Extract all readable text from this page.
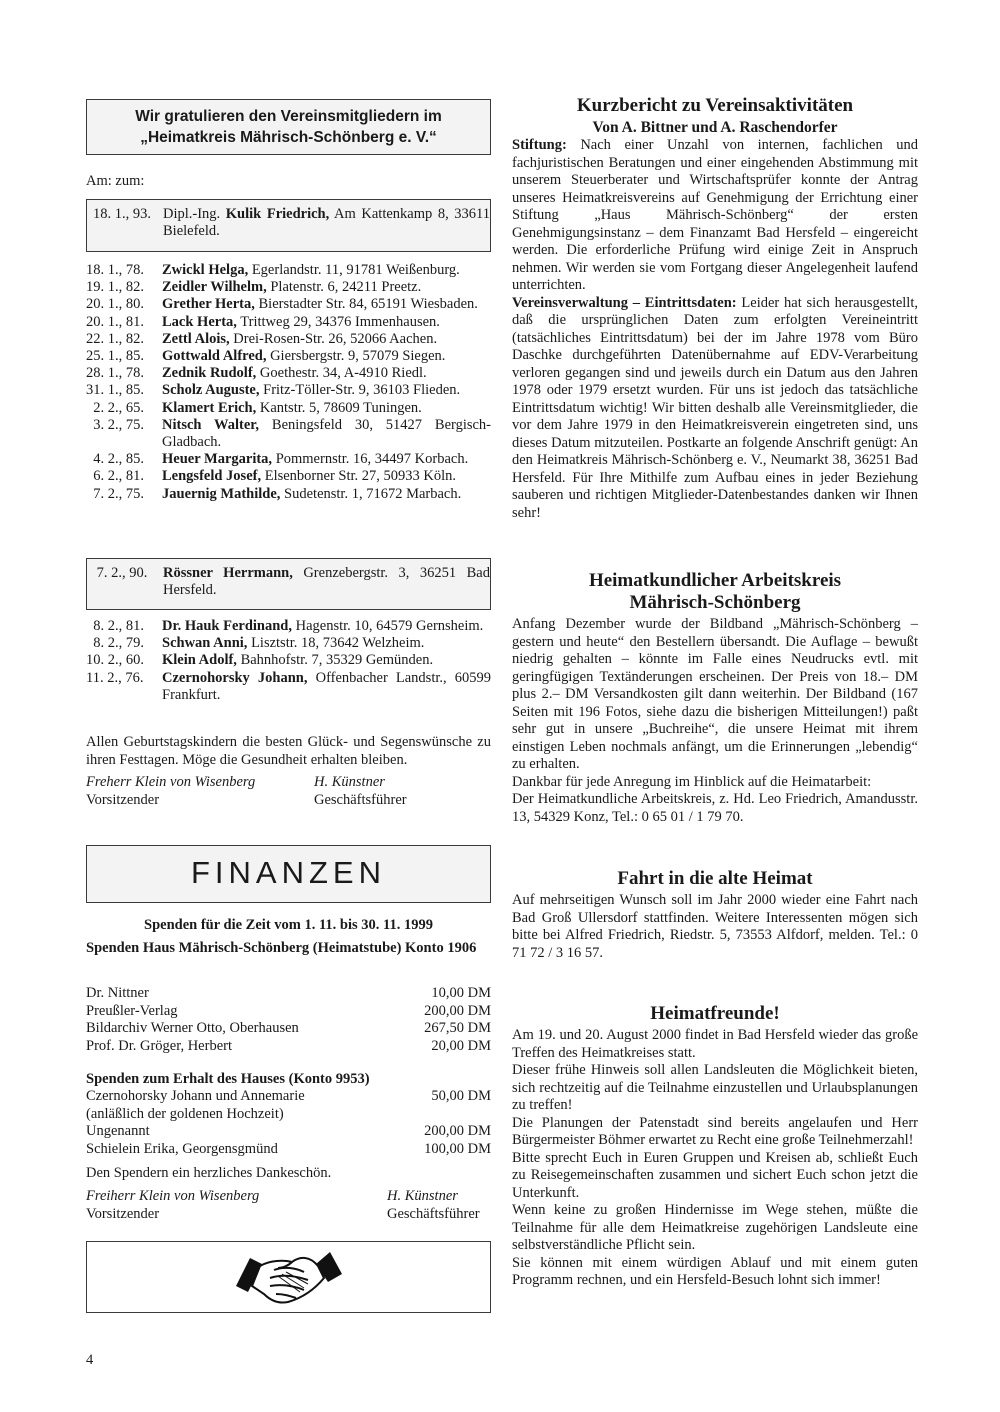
Wir gratulieren den Vereinsmitgliedern im
„Heimatkreis Mährisch-Schönberg e. V.“
Am: zum:
18. 1., 93. Dipl.-Ing. Kulik Friedrich, Am Kattenkamp 8, 33611 Bielefeld.
18. 1., 78.	Zwickl Helga, Egerlandstr. 11, 91781 Weißenburg.
19. 1., 82.	Zeidler Wilhelm, Platenstr. 6, 24211 Preetz.
20. 1., 80.	Grether Herta, Bierstadter Str. 84, 65191 Wiesbaden.
20. 1., 81.	Lack Herta, Trittweg 29, 34376 Immenhausen.
22. 1., 82.	Zettl Alois, Drei-Rosen-Str. 26, 52066 Aachen.
25. 1., 85.	Gottwald Alfred, Giersbergstr. 9, 57079 Siegen.
28. 1., 78.	Zednik Rudolf, Goethestr. 34, A-4910 Riedl.
31. 1., 85.	Scholz Auguste, Fritz-Töller-Str. 9, 36103 Flieden.
2. 2., 65.	Klamert Erich, Kantstr. 5, 78609 Tuningen.
3. 2., 75.	Nitsch Walter, Beningsfeld 30, 51427 Bergisch-Gladbach.
4. 2., 85.	Heuer Margarita, Pommernstr. 16, 34497 Korbach.
6. 2., 81.	Lengsfeld Josef, Elsenborner Str. 27, 50933 Köln.
7. 2., 75.	Jauernig Mathilde, Sudetenstr. 1, 71672 Marbach.
7. 2., 90.	Rössner Herrmann, Grenzebergstr. 3, 36251 Bad Hersfeld.
8. 2., 81.	Dr. Hauk Ferdinand, Hagenstr. 10, 64579 Gernsheim.
8. 2., 79.	Schwan Anni, Lisztstr. 18, 73642 Welzheim.
10. 2., 60.	Klein Adolf, Bahnhofstr. 7, 35329 Gemünden.
11. 2., 76.	Czernohorsky Johann, Offenbacher Landstr., 60599 Frankfurt.
Allen Geburtstagskindern die besten Glück- und Segenswünsche zu ihren Festtagen. Möge die Gesundheit erhalten bleiben.
Freherr Klein von Wisenberg	H. Künstner
Vorsitzender	Geschäftsführer
FINANZEN
Spenden für die Zeit vom 1. 11. bis 30. 11. 1999
Spenden Haus Mährisch-Schönberg (Heimatstube) Konto 1906
Dr. Nittner	10,00 DM
Preußler-Verlag	200,00 DM
Bildarchiv Werner Otto, Oberhausen	267,50 DM
Prof. Dr. Gröger, Herbert	20,00 DM
Spenden zum Erhalt des Hauses (Konto 9953)
Czernohorsky Johann und Annemarie	50,00 DM
(anläßlich der goldenen Hochzeit)
Ungenannt	200,00 DM
Schielein Erika, Georgensgmünd	100,00 DM
Den Spendern ein herzliches Dankeschön.
Freiherr Klein von Wisenberg	H. Künstner
Vorsitzender	Geschäftsführer
4
Kurzbericht zu Vereinsaktivitäten
Von A. Bittner und A. Raschendorfer

Stiftung: Nach einer Unzahl von internen, fachlichen und fachjuristischen Beratungen und einer eingehenden Abstimmung mit unserem Steuerberater und Wirtschaftsprüfer konnte der Antrag unseres Heimatkreisvereins auf Genehmigung der Errichtung einer Stiftung „Haus Mährisch-Schönberg“ der ersten Genehmigungsinstanz – dem Finanzamt Bad Hersfeld – eingereicht werden. Die erforderliche Prüfung wird einige Zeit in Anspruch nehmen. Wir werden sie vom Fortgang dieser Angelegenheit laufend unterrichten.

Vereinsverwaltung – Eintrittsdaten: Leider hat sich herausgestellt, daß die ursprünglichen Daten zum erfolgten Vereineintritt (tatsächliches Eintrittsdatum) bei der im Jahre 1978 vom Büro Daschke durchgeführten Datenübernahme auf EDV-Verarbeitung verloren gegangen sind und jeweils durch ein Datum aus den Jahren 1978 oder 1979 ersetzt wurden. Für uns ist jedoch das tatsächliche Eintrittsdatum wichtig! Wir bitten deshalb alle Vereinsmitglieder, die vor dem Jahre 1979 in den Heimatkreisverein eingetreten sind, uns dieses Datum mitzuteilen. Postkarte an folgende Anschrift genügt: An den Heimatkreis Mährisch-Schönberg e. V., Neumarkt 38, 36251 Bad Hersfeld. Für Ihre Mithilfe zum Aufbau eines in jeder Beziehung sauberen und richtigen Mitglieder-Datenbestandes danken wir Ihnen sehr!

Heimatkundlicher Arbeitskreis
Mährisch-Schönberg

Anfang Dezember wurde der Bildband „Mährisch-Schönberg – gestern und heute“ den Bestellern übersandt. Die Auflage – bewußt niedrig gehalten – könnte im Falle eines Neudrucks evtl. mit geringfügigen Textänderungen erscheinen. Der Preis von 18.– DM plus 2.– DM Versandkosten gilt dann weiterhin. Der Bildband (167 Seiten mit 196 Fotos, siehe dazu die bisherigen Mitteilungen!) paßt sehr gut in unsere „Buchreihe“, die unsere Heimat mit ihrem einstigen Leben nochmals anfängt, um die Erinnerungen „lebendig“ zu erhalten.

Dankbar für jede Anregung im Hinblick auf die Heimatarbeit:

Der Heimatkundliche Arbeitskreis, z. Hd. Leo Friedrich, Amandusstr. 13, 54329 Konz, Tel.: 0 65 01 / 1 79 70.

Fahrt in die alte Heimat

Auf mehrseitigen Wunsch soll im Jahr 2000 wieder eine Fahrt nach Bad Groß Ullersdorf stattfinden. Weitere Interessenten mögen sich bitte bei Alfred Friedrich, Riedstr. 5, 73553 Alfdorf, melden. Tel.: 0 71 72 / 3 16 57.

Heimatfreunde!

Am 19. und 20. August 2000 findet in Bad Hersfeld wieder das große Treffen des Heimatkreises statt.

Dieser frühe Hinweis soll allen Landsleuten die Möglichkeit bieten, sich rechtzeitig auf die Teilnahme einzustellen und Urlaubsplanungen zu treffen!

Die Planungen der Patenstadt sind bereits angelaufen und Herr Bürgermeister Böhmer erwartet zu Recht eine große Teilnehmerzahl!

Bitte sprecht Euch in Euren Gruppen und Kreisen ab, schließt Euch zu Reisegemeinschaften zusammen und sichert Euch schon jetzt die Unterkunft.

Wenn keine zu großen Hindernisse im Wege stehen, müßte die Teilnahme für alle dem Heimatkreise zugehörigen Landsleute eine selbstverständliche Pflicht sein.

Sie können mit einem würdigen Ablauf und mit einem guten Programm rechnen, und ein Hersfeld-Besuch lohnt sich immer!
